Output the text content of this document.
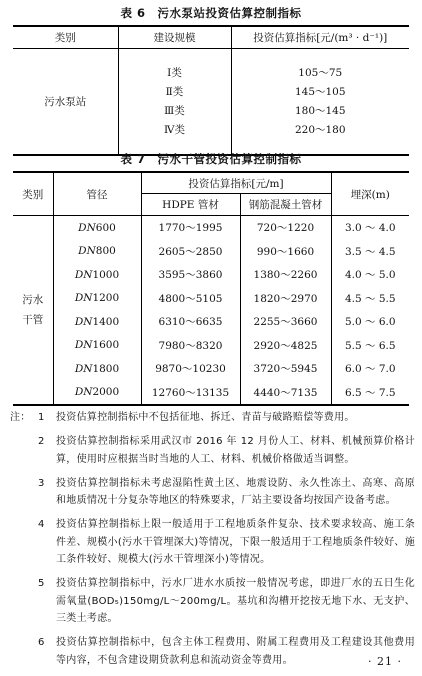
表 6　污水泵站投资估算控制指标
类别	建设规模	投资估算指标[元/(m³ · d⁻¹)]
污水泵站	Ⅰ类	105～75
	Ⅱ类	145～105
	Ⅲ类	180～145
	Ⅳ类	220～180
表 7　污水干管投资估算控制指标
类别	管径	投资估算指标[元/m]		埋深(m)
		HDPE 管材	钢筋混凝土管材	
污水干管	DN600	1770～1995	720～1220	3.0 ～ 4.0
	DN800	2605～2850	990～1660	3.5 ～ 4.5
	DN1000	3595～3860	1380～2260	4.0 ～ 5.0
	DN1200	4800～5105	1820～2970	4.5 ～ 5.5
	DN1400	6310～6635	2255～3660	5.0 ～ 6.0
	DN1600	7980～8320	2920～4825	5.5 ～ 6.5
	DN1800	9870～10230	3720～5945	6.0 ～ 7.0
	DN2000	12760～13135	4440～7135	6.5 ～ 7.5
注： 1 投资估算控制指标中不包括征地、拆迁、青苗与破路赔偿等费用。
2 投资估算控制指标采用武汉市 2016 年 12 月份人工、材料、机械预算价格计算，使用时应根据当时当地的人工、材料、机械价格做适当调整。
3 投资估算控制指标未考虑湿陷性黄土区、地震设防、永久性冻土、高寒、高原和地质情况十分复杂等地区的特殊要求，厂站主要设备均按国产设备考虑。
4 投资估算控制指标上限一般适用于工程地质条件复杂、技术要求较高、施工条件差、规模小(污水干管埋深大)等情况，下限一般适用于工程地质条件较好、施工条件较好、规模大(污水干管埋深小)等情况。
5 投资估算控制指标中，污水厂进水水质按一般情况考虑，即进厂水的五日生化需氧量(BOD₅)150mg/L～200mg/L。基坑和沟槽开挖按无地下水、无支护、三类土考虑。
6 投资估算控制指标中，包含主体工程费用、附属工程费用及工程建设其他费用等内容，不包含建设期贷款利息和流动资金等费用。	· 21 ·
